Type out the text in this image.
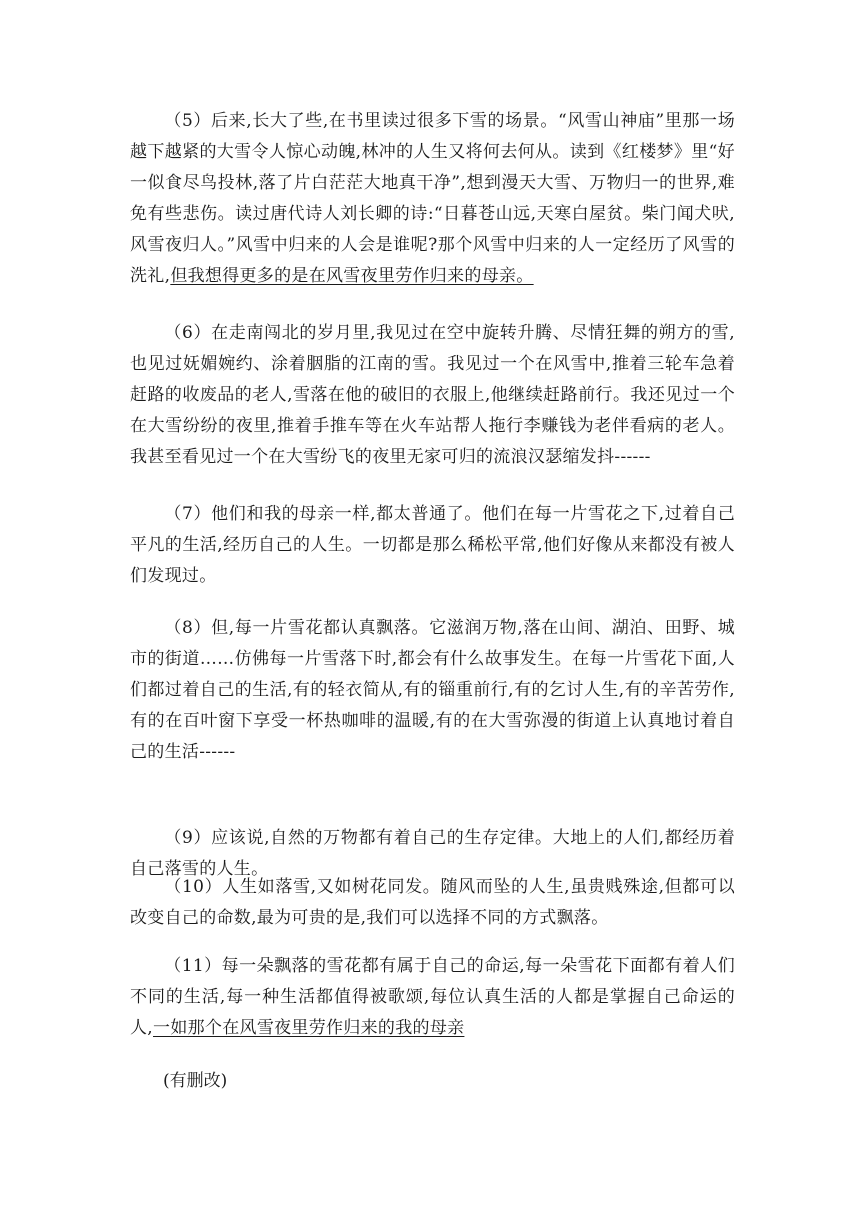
（5）后来,长大了些,在书里读过很多下雪的场景。“风雪山神庙”里那一场越下越紧的大雪令人惊心动魄,林冲的人生又将何去何从。读到《红楼梦》里“好一似食尽鸟投林,落了片白茫茫大地真干净”,想到漫天大雪、万物归一的世界,难免有些悲伤。读过唐代诗人刘长卿的诗:“日暮苍山远,天寒白屋贫。柴门闻犬吠,风雪夜归人。”风雪中归来的人会是谁呢?那个风雪中归来的人一定经历了风雪的洗礼,但我想得更多的是在风雪夜里劳作归来的母亲。

（6）在走南闯北的岁月里,我见过在空中旋转升腾、尽情狂舞的朔方的雪,也见过妩媚婉约、涂着胭脂的江南的雪。我见过一个在风雪中,推着三轮车急着赶路的收废品的老人,雪落在他的破旧的衣服上,他继续赶路前行。我还见过一个在大雪纷纷的夜里,推着手推车等在火车站帮人拖行李赚钱为老伴看病的老人。我甚至看见过一个在大雪纷飞的夜里无家可归的流浪汉瑟缩发抖------

（7）他们和我的母亲一样,都太普通了。他们在每一片雪花之下,过着自己平凡的生活,经历自己的人生。一切都是那么稀松平常,他们好像从来都没有被人们发现过。

（8）但,每一片雪花都认真飘落。它滋润万物,落在山间、湖泊、田野、城市的街道……仿佛每一片雪落下时,都会有什么故事发生。在每一片雪花下面,人们都过着自己的生活,有的轻衣简从,有的锱重前行,有的乞讨人生,有的辛苦劳作,有的在百叶窗下享受一杯热咖啡的温暖,有的在大雪弥漫的街道上认真地讨着自己的生活------

（9）应该说,自然的万物都有着自己的生存定律。大地上的人们,都经历着自己落雪的人生。

（10）人生如落雪,又如树花同发。随风而坠的人生,虽贵贱殊途,但都可以改变自己的命数,最为可贵的是,我们可以选择不同的方式飘落。

（11）每一朵飘落的雪花都有属于自己的命运,每一朵雪花下面都有着人们不同的生活,每一种生活都值得被歌颂,每位认真生活的人都是掌握自己命运的人,一如那个在风雪夜里劳作归来的我的母亲

(有删改)
